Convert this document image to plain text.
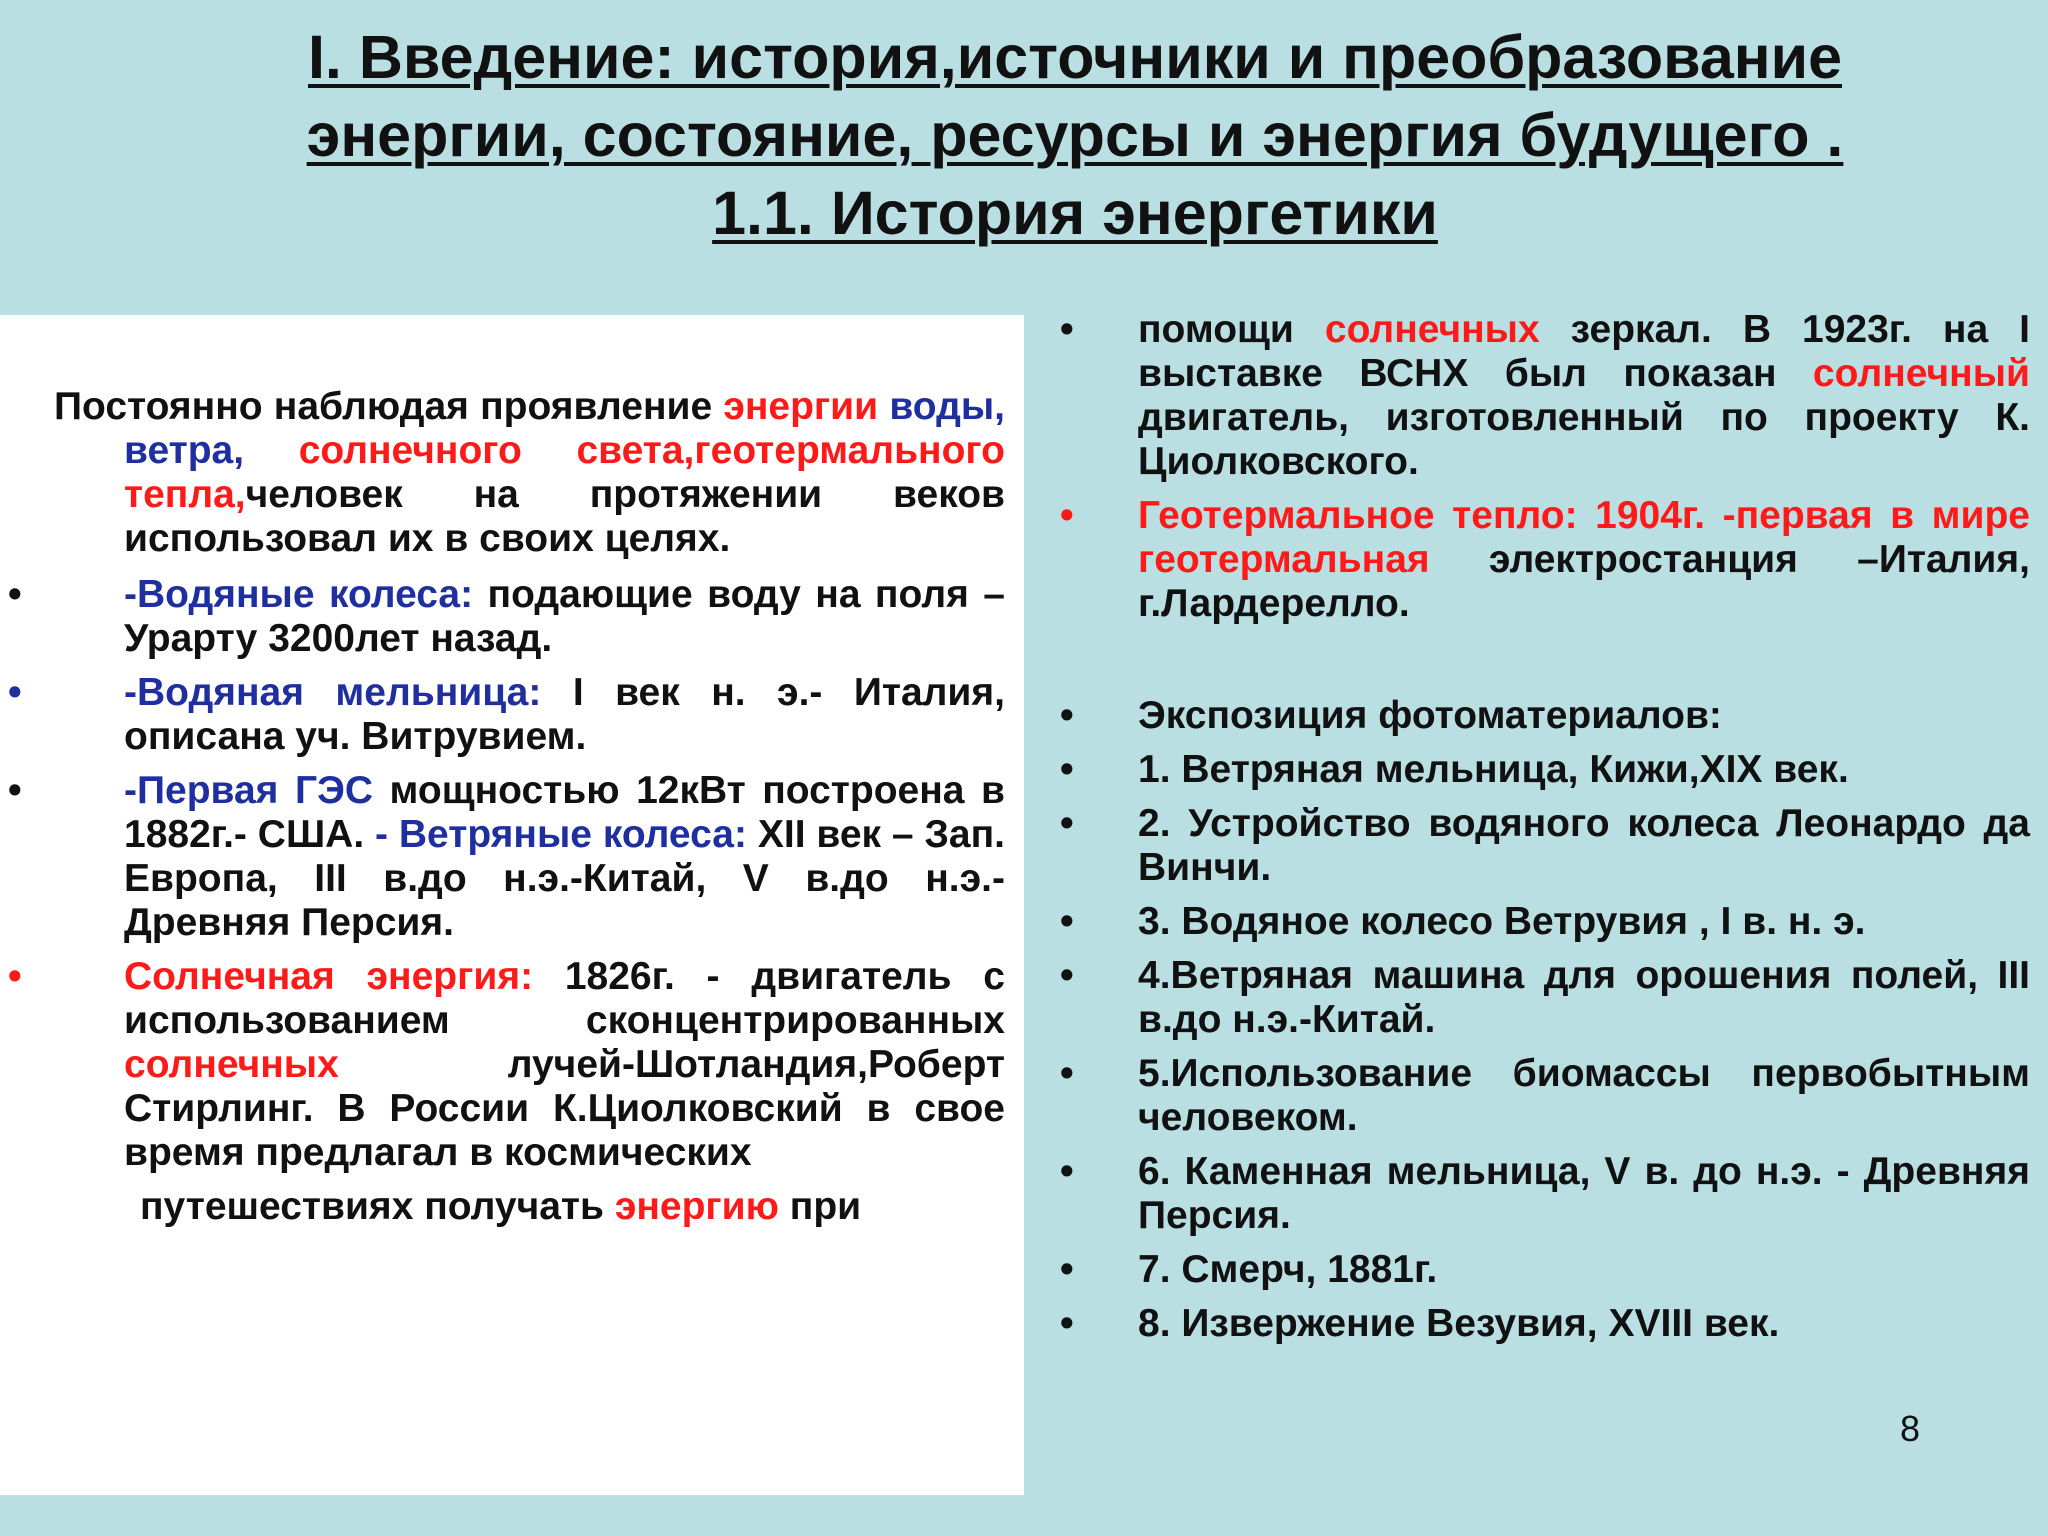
I. Введение: история,источники и преобразование
энергии, состояние, ресурсы и энергия будущего .
1.1. История энергетики
Постоянно наблюдая проявление энергии воды, ветра, солнечного света,геотермального тепла,человек на протяжении веков использовал их в своих целях.
•	-Водяные колеса: подающие воду на поля –Урарту 3200лет назад.
•	-Водяная мельница: I век н. э.- Италия, описана уч. Витрувием.
•	-Первая ГЭС мощностью 12кВт построена в 1882г.- США. - Ветряные колеса: XII век – Зап. Европа, III в.до н.э.-Китай, V в.до н.э.-Древняя Персия.
•	Солнечная энергия: 1826г. - двигатель с использованием сконцентрированных солнечных лучей-Шотландия,Роберт Стирлинг. В России К.Циолковский в свое время предлагал в космических
путешествиях получать энергию при
•	помощи солнечных зеркал. В 1923г. на I выставке ВСНХ был показан солнечный двигатель, изготовленный по проекту К. Циолковского.
•	Геотермальное тепло: 1904г. -первая в мире геотермальная электростанция –Италия, г.Лардерелло.
•	Экспозиция фотоматериалов:
•	1. Ветряная мельница, Кижи,XIX век.
•	2. Устройство водяного колеса Леонардо да Винчи.
•	3. Водяное колесо Ветрувия , I в. н. э.
•	4.Ветряная машина для орошения полей, III в.до н.э.-Китай.
•	5.Использование биомассы первобытным человеком.
•	6. Каменная мельница, V в. до н.э. - Древняя Персия.
•	7. Смерч, 1881г.
•	8. Извержение Везувия, XVIII век.
8
